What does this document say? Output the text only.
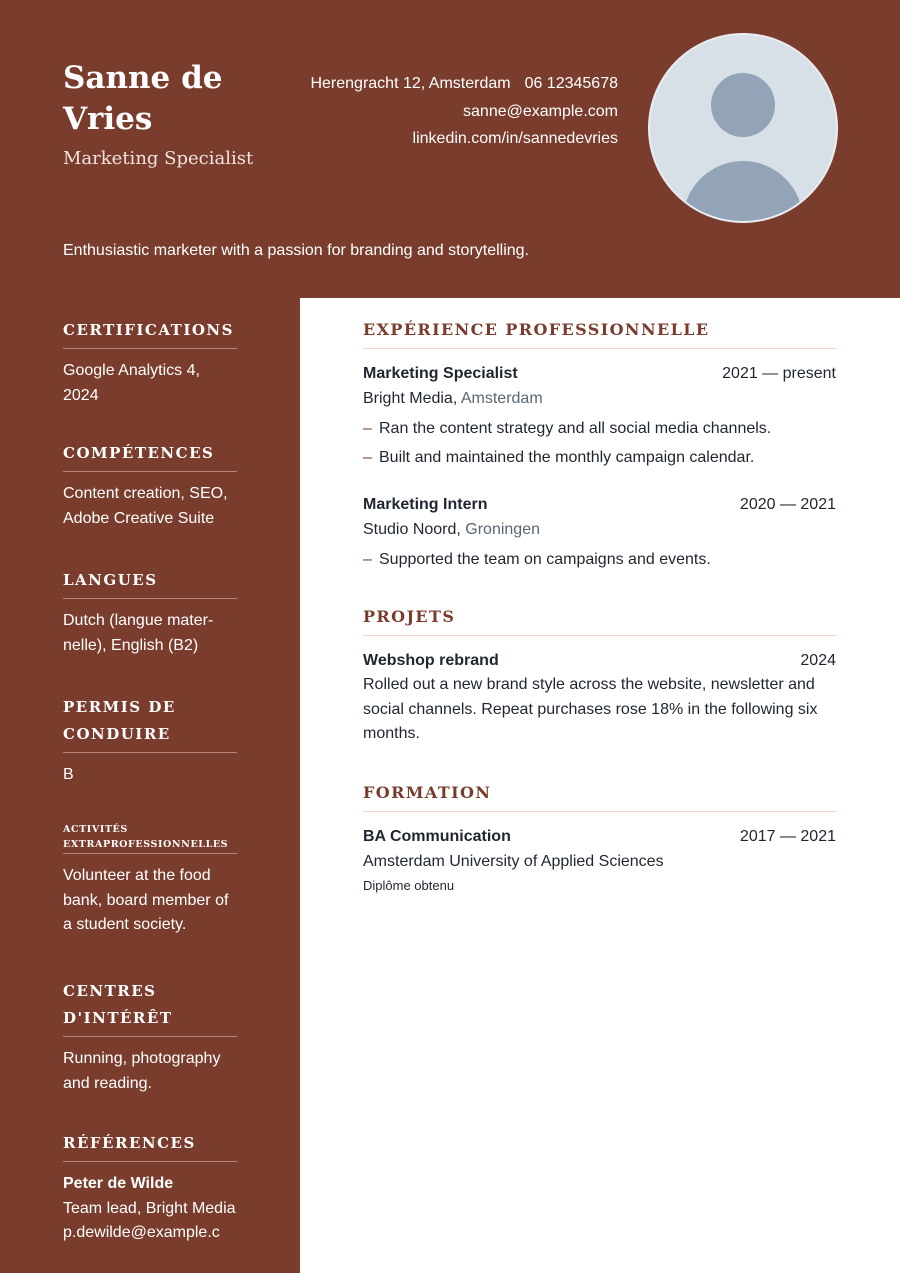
Sanne de Vries
Marketing Specialist
Herengracht 12, Amsterdam 06 12345678
sanne@example.com
linkedin.com/in/sannedevries
Enthusiastic marketer with a passion for branding and storytelling.
CERTIFICATIONS
Google Analytics 4, 2024
COMPÉTENCES
Content creation, SEO, Adobe Creative Suite
LANGUES
Dutch (langue mater-nelle), English (B2)
PERMIS DE CONDUIRE
B
ACTIVITÉS EXTRAPROFESSIONNELLES
Volunteer at the food bank, board member of a student society.
CENTRES D'INTÉRÊT
Running, photography and reading.
RÉFÉRENCES
Peter de Wilde
Team lead, Bright Media
p.dewilde@example.c
EXPÉRIENCE PROFESSIONNELLE
Marketing Specialist	2021 — present
Bright Media, Amsterdam
– Ran the content strategy and all social media channels.
– Built and maintained the monthly campaign calendar.
Marketing Intern	2020 — 2021
Studio Noord, Groningen
– Supported the team on campaigns and events.
PROJETS
Webshop rebrand	2024
Rolled out a new brand style across the website, newsletter and social channels. Repeat purchases rose 18% in the following six months.
FORMATION
BA Communication	2017 — 2021
Amsterdam University of Applied Sciences
Diplôme obtenu
